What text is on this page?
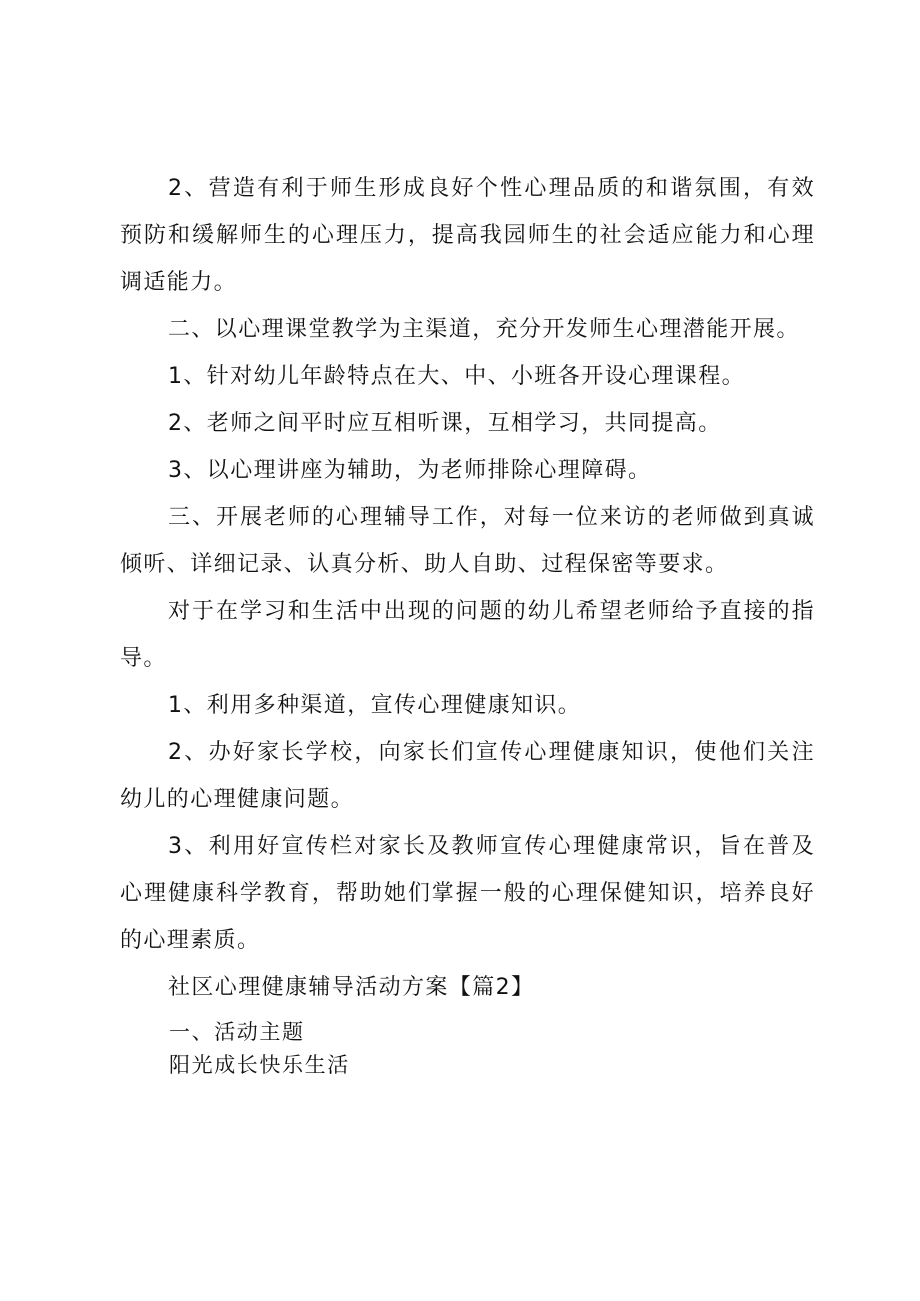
2、营造有利于师生形成良好个性心理品质的和谐氛围，有效预防和缓解师生的心理压力，提高我园师生的社会适应能力和心理调适能力。

二、以心理课堂教学为主渠道，充分开发师生心理潜能开展。

1、针对幼儿年龄特点在大、中、小班各开设心理课程。

2、老师之间平时应互相听课，互相学习，共同提高。

3、以心理讲座为辅助，为老师排除心理障碍。

三、开展老师的心理辅导工作，对每一位来访的老师做到真诚倾听、详细记录、认真分析、助人自助、过程保密等要求。

对于在学习和生活中出现的问题的幼儿希望老师给予直接的指导。

1、利用多种渠道，宣传心理健康知识。

2、办好家长学校，向家长们宣传心理健康知识，使他们关注幼儿的心理健康问题。

3、利用好宣传栏对家长及教师宣传心理健康常识，旨在普及心理健康科学教育，帮助她们掌握一般的心理保健知识，培养良好的心理素质。

社区心理健康辅导活动方案【篇2】

一、活动主题

阳光成长快乐生活
